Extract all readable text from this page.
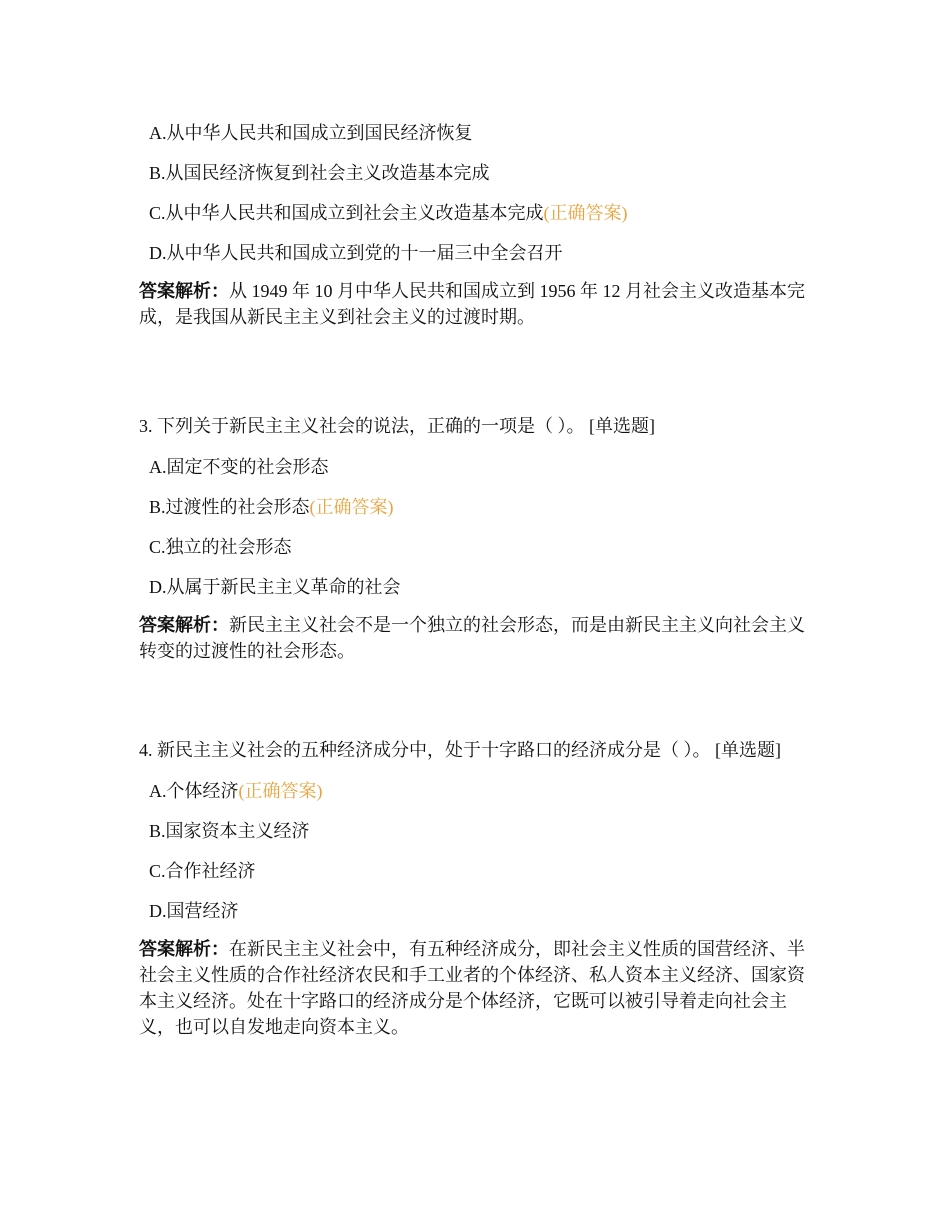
A.从中华人民共和国成立到国民经济恢复
B.从国民经济恢复到社会主义改造基本完成
C.从中华人民共和国成立到社会主义改造基本完成(正确答案)
D.从中华人民共和国成立到党的十一届三中全会召开
答案解析：从 1949 年 10 月中华人民共和国成立到 1956 年 12 月社会主义改造基本完成，是我国从新民主主义到社会主义的过渡时期。
3. 下列关于新民主主义社会的说法，正确的一项是（ ）。 [单选题]
A.固定不变的社会形态
B.过渡性的社会形态(正确答案)
C.独立的社会形态
D.从属于新民主主义革命的社会
答案解析：新民主主义社会不是一个独立的社会形态，而是由新民主主义向社会主义转变的过渡性的社会形态。
4. 新民主主义社会的五种经济成分中，处于十字路口的经济成分是（ ）。 [单选题]
A.个体经济(正确答案)
B.国家资本主义经济
C.合作社经济
D.国营经济
答案解析：在新民主主义社会中，有五种经济成分，即社会主义性质的国营经济、半社会主义性质的合作社经济农民和手工业者的个体经济、私人资本主义经济、国家资本主义经济。处在十字路口的经济成分是个体经济，它既可以被引导着走向社会主义，也可以自发地走向资本主义。
